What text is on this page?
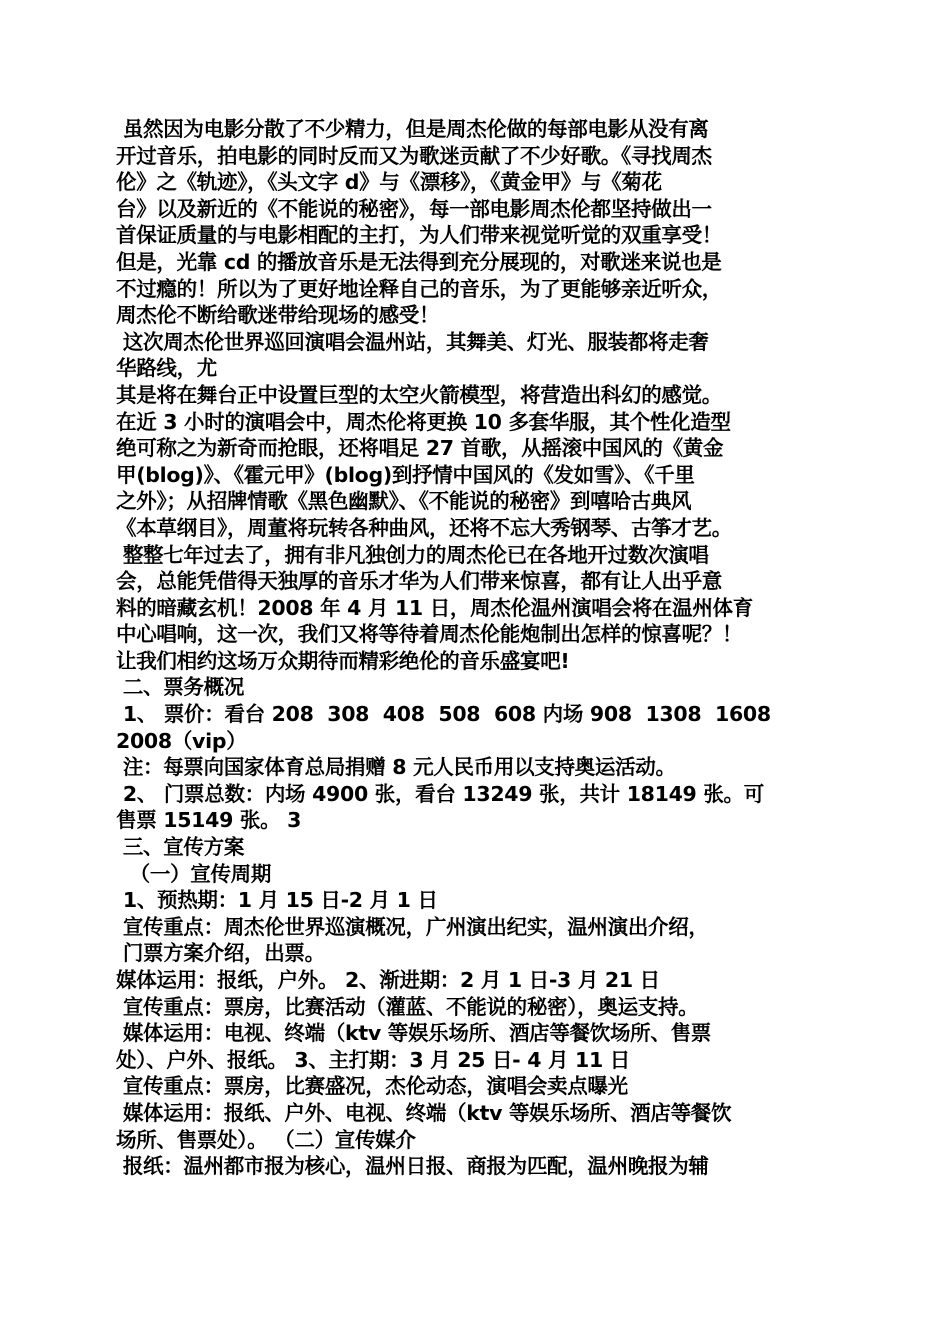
虽然因为电影分散了不少精力，但是周杰伦做的每部电影从没有离
开过音乐，拍电影的同时反而又为歌迷贡献了不少好歌。《寻找周杰
伦》之《轨迹》，《头文字 d》与《漂移》，《黄金甲》与《菊花
台》以及新近的《不能说的秘密》，每一部电影周杰伦都坚持做出一
首保证质量的与电影相配的主打，为人们带来视觉听觉的双重享受！
但是，光靠 cd 的播放音乐是无法得到充分展现的，对歌迷来说也是
不过瘾的！所以为了更好地诠释自己的音乐，为了更能够亲近听众，
周杰伦不断给歌迷带给现场的感受！
这次周杰伦世界巡回演唱会温州站，其舞美、灯光、服装都将走奢
华路线，尤
其是将在舞台正中设置巨型的太空火箭模型，将营造出科幻的感觉。
在近 3 小时的演唱会中，周杰伦将更换 10 多套华服，其个性化造型
绝可称之为新奇而抢眼，还将唱足 27 首歌，从摇滚中国风的《黄金
甲(blog)》、《霍元甲》(blog)到抒情中国风的《发如雪》、《千里
之外》；从招牌情歌《黑色幽默》、《不能说的秘密》到嘻哈古典风
《本草纲目》，周董将玩转各种曲风，还将不忘大秀钢琴、古筝才艺。
整整七年过去了，拥有非凡独创力的周杰伦已在各地开过数次演唱
会，总能凭借得天独厚的音乐才华为人们带来惊喜，都有让人出乎意
料的暗藏玄机！2008 年 4 月 11 日，周杰伦温州演唱会将在温州体育
中心唱响，这一次，我们又将等待着周杰伦能炮制出怎样的惊喜呢？！
让我们相约这场万众期待而精彩绝伦的音乐盛宴吧!
二、票务概况
1、 票价：看台 208  308  408  508  608 内场 908  1308  1608
2008（vip）
注：每票向国家体育总局捐赠 8 元人民币用以支持奥运活动。
2、 门票总数：内场 4900 张，看台 13249 张，共计 18149 张。可
售票 15149 张。 3
三、宣传方案
（一）宣传周期
1、预热期：1 月 15 日-2 月 1 日
宣传重点：周杰伦世界巡演概况，广州演出纪实，温州演出介绍，
门票方案介绍，出票。
媒体运用：报纸，户外。 2、渐进期：2 月 1 日-3 月 21 日
宣传重点：票房，比赛活动（灌蓝、不能说的秘密），奥运支持。
媒体运用：电视、终端（ktv 等娱乐场所、酒店等餐饮场所、售票
处）、户外、报纸。 3、主打期：3 月 25 日- 4 月 11 日
宣传重点：票房，比赛盛况，杰伦动态，演唱会卖点曝光
媒体运用：报纸、户外、电视、终端（ktv 等娱乐场所、酒店等餐饮
场所、售票处）。 （二）宣传媒介
报纸：温州都市报为核心，温州日报、商报为匹配，温州晚报为辅
